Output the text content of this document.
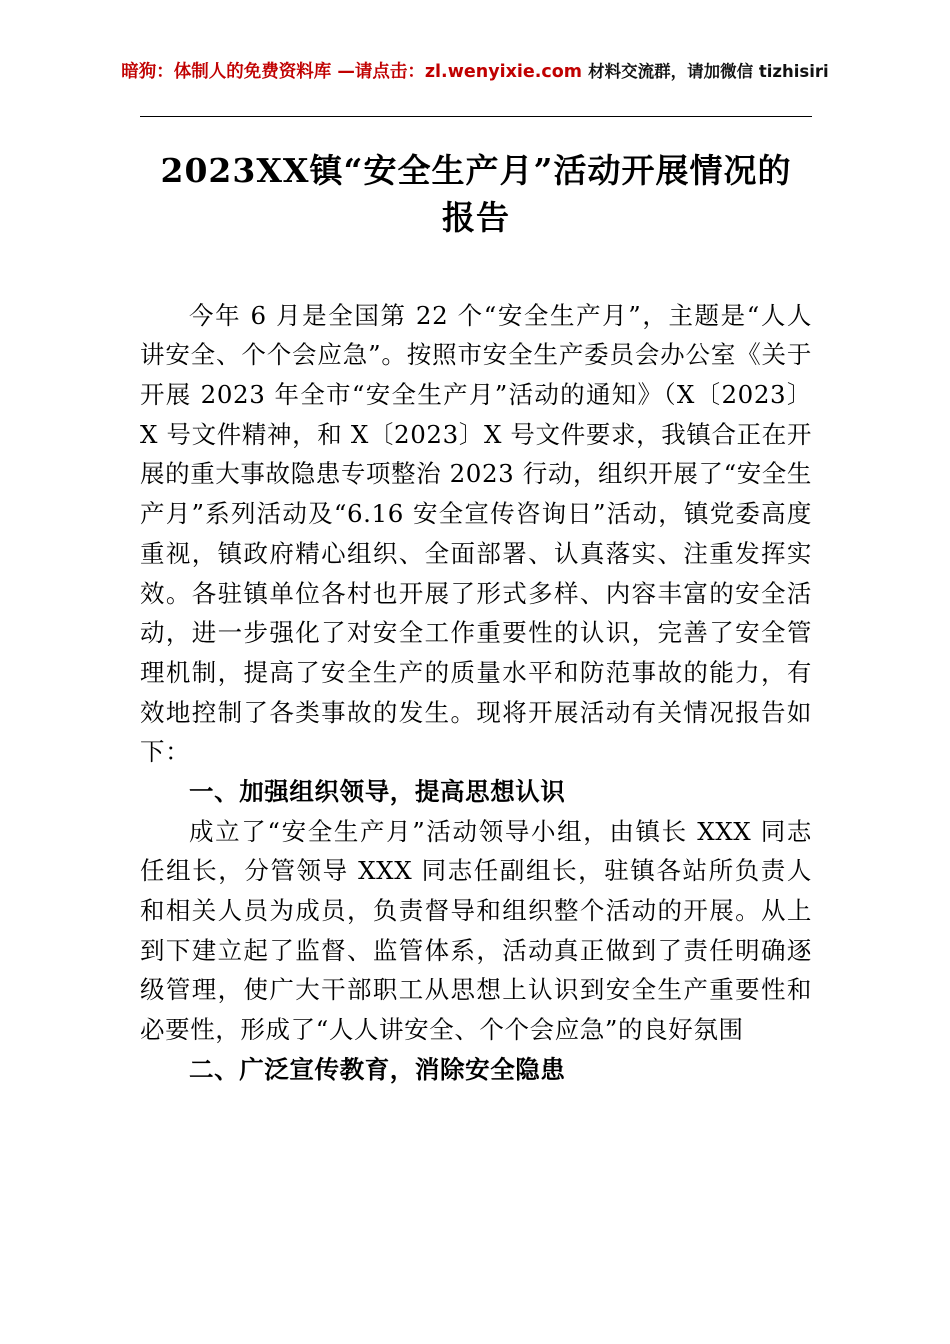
暗狗：体制人的免费资料库 —请点击：zl.wenyixie.com 材料交流群，请加微信 tizhisiri
2023XX镇“安全生产月”活动开展情况的报告

今年 6 月是全国第 22 个“安全生产月”，主题是“人人讲安全、个个会应急”。按照市安全生产委员会办公室《关于开展 2023 年全市“安全生产月”活动的通知》（X〔2023〕X 号文件精神，和 X〔2023〕X 号文件要求，我镇合正在开展的重大事故隐患专项整治 2023 行动，组织开展了“安全生产月”系列活动及“6.16 安全宣传咨询日”活动，镇党委高度重视，镇政府精心组织、全面部署、认真落实、注重发挥实效。各驻镇单位各村也开展了形式多样、内容丰富的安全活动，进一步强化了对安全工作重要性的认识，完善了安全管理机制，提高了安全生产的质量水平和防范事故的能力，有效地控制了各类事故的发生。现将开展活动有关情况报告如下：

一、加强组织领导，提高思想认识

成立了“安全生产月”活动领导小组，由镇长 XXX 同志任组长，分管领导 XXX 同志任副组长，驻镇各站所负责人和相关人员为成员，负责督导和组织整个活动的开展。从上到下建立起了监督、监管体系，活动真正做到了责任明确逐级管理，使广大干部职工从思想上认识到安全生产重要性和必要性，形成了“人人讲安全、个个会应急”的良好氛围

二、广泛宣传教育，消除安全隐患
